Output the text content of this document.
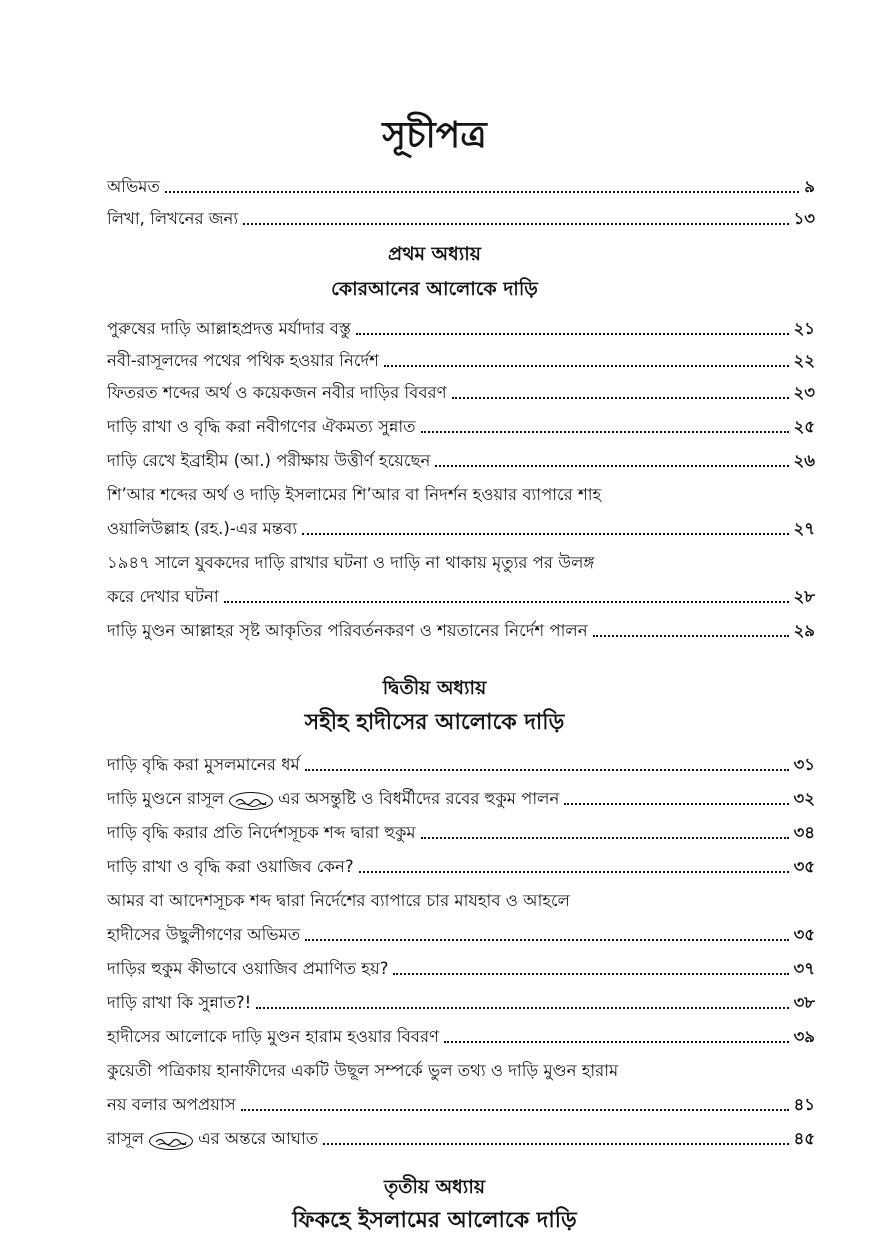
সূচীপত্র
অভিমত	৯
লিখা, লিখনের জন্য	১৩
প্রথম অধ্যায়
কোরআনের আলোকে দাড়ি
পুরুষের দাড়ি আল্লাহপ্রদত্ত মর্যাদার বস্তু	২১
নবী-রাসূলদের পথের পথিক হওয়ার নির্দেশ	২২
ফিতরত শব্দের অর্থ ও কয়েকজন নবীর দাড়ির বিবরণ	২৩
দাড়ি রাখা ও বৃদ্ধি করা নবীগণের ঐকমত্য সুন্নাত	২৫
দাড়ি রেখে ইব্রাহীম (আ.) পরীক্ষায় উত্তীর্ণ হয়েছেন	২৬
শি’আর শব্দের অর্থ ও দাড়ি ইসলামের শি’আর বা নিদর্শন হওয়ার ব্যাপারে শাহ
ওয়ালিউল্লাহ (রহ.)-এর মন্তব্য	২৭
১৯৪৭ সালে যুবকদের দাড়ি রাখার ঘটনা ও দাড়ি না থাকায় মৃত্যুর পর উলঙ্গ
করে দেখার ঘটনা	২৮
দাড়ি মুণ্ডন আল্লাহর সৃষ্ট আকৃতির পরিবর্তনকরণ ও শয়তানের নির্দেশ পালন	২৯
দ্বিতীয় অধ্যায়
সহীহ হাদীসের আলোকে দাড়ি
দাড়ি বৃদ্ধি করা মুসলমানের ধর্ম	৩১
দাড়ি মুণ্ডনে রাসূল	এর অসন্তুষ্টি ও বিধর্মীদের রবের হুকুম পালন	৩২
দাড়ি বৃদ্ধি করার প্রতি নির্দেশসূচক শব্দ দ্বারা হুকুম	৩৪
দাড়ি রাখা ও বৃদ্ধি করা ওয়াজিব কেন?	৩৫
আমর বা আদেশসূচক শব্দ দ্বারা নির্দেশের ব্যাপারে চার মাযহাব ও আহলে
হাদীসের উছুলীগণের অভিমত	৩৫
দাড়ির হুকুম কীভাবে ওয়াজিব প্রমাণিত হয়?	৩৭
দাড়ি রাখা কি সুন্নাত?!	৩৮
হাদীসের আলোকে দাড়ি মুণ্ডন হারাম হওয়ার বিবরণ	৩৯
কুয়েতী পত্রিকায় হানাফীদের একটি উছূল সম্পর্কে ভুল তথ্য ও দাড়ি মুণ্ডন হারাম
নয় বলার অপপ্রয়াস	৪১
রাসূল	এর অন্তরে আঘাত	৪৫
তৃতীয় অধ্যায়
ফিকহে ইসলামের আলোকে দাড়ি
